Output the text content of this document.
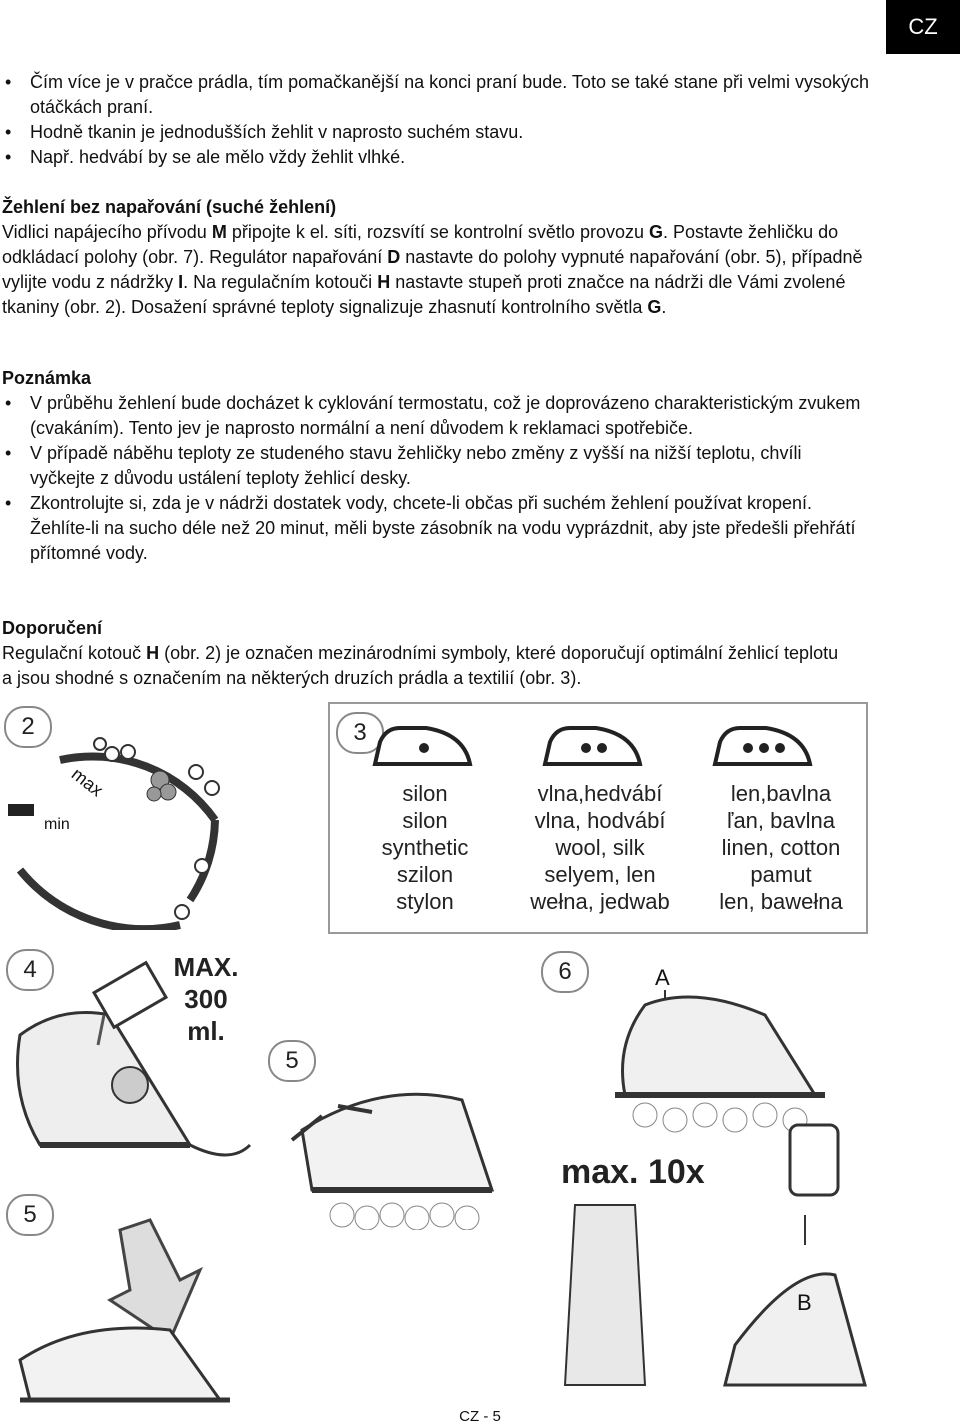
CZ
• Čím více je v pračce prádla, tím pomačkanější na konci praní bude. Toto se také stane při velmi vysokých otáčkách praní.
• Hodně tkanin je jednodušších žehlit v naprosto suchém stavu.
• Např. hedvábí by se ale mělo vždy žehlit vlhké.
Žehlení bez napařování (suché žehlení)
Vidlici napájecího přívodu M připojte k el. síti, rozsvítí se kontrolní světlo provozu G. Postavte žehličku do odkládací polohy (obr. 7). Regulátor napařování D nastavte do polohy vypnuté napařování (obr. 5), případně vylijte vodu z nádržky I. Na regulačním kotouči H nastavte stupeň proti značce na nádrži dle Vámi zvolené tkaniny (obr. 2). Dosažení správné teploty signalizuje zhasnutí kontrolního světla G.
Poznámka
• V průběhu žehlení bude docházet k cyklování termostatu, což je doprovázeno charakteristickým zvukem (cvakáním). Tento jev je naprosto normální a není důvodem k reklamaci spotřebiče.
• V případě náběhu teploty ze studeného stavu žehličky nebo změny z vyšší na nižší teplotu, chvíli vyčkejte z důvodu ustálení teploty žehlicí desky.
• Zkontrolujte si, zda je v nádrži dostatek vody, chcete-li občas při suchém žehlení používat kropení. Žehlíte-li na sucho déle než 20 minut, měli byste zásobník na vodu vyprázdnit, aby jste předešli přehřátí přítomné vody.
Doporučení
Regulační kotouč H (obr. 2) je označen mezinárodními symboly, které doporučují optimální žehlicí teplotu a jsou shodné s označením na některých druzích prádla a textilií (obr. 3).
2
max
min
3
silon
silon
synthetic
szilon
stylon
vlna,hedvábí
vlna, hodvábí
wool, silk
selyem, len
wełna, jedwab
len,bavlna
ľan, bavlna
linen, cotton
pamut
len, bawełna
4	MAX.
300
ml.
5
5
6	A
max. 10x
B
CZ - 5
